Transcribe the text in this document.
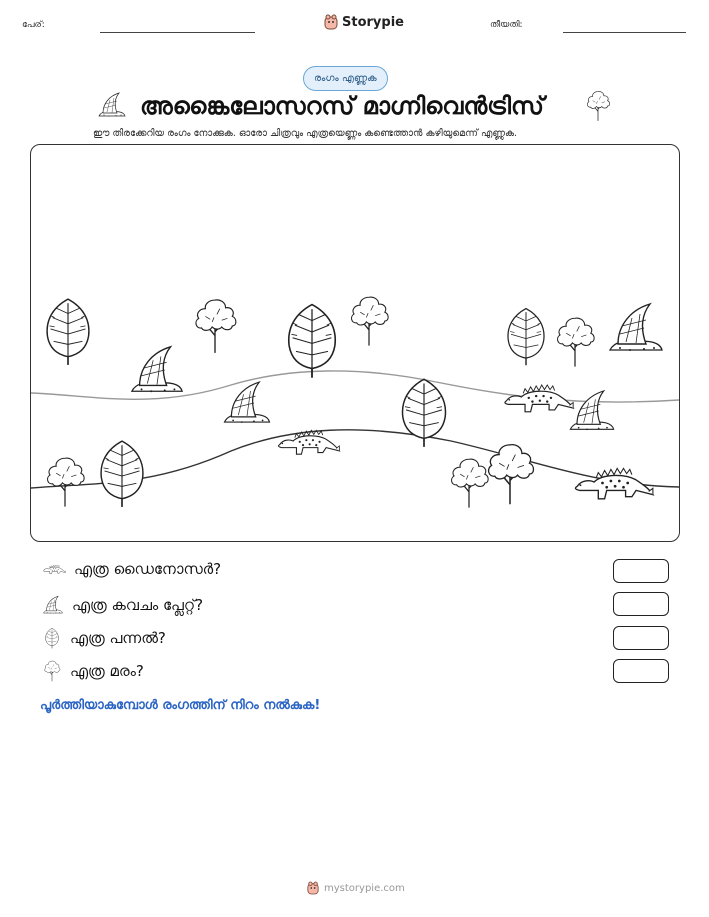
പേര്:	Storypie	തീയതി:
രംഗം എണ്ണുക
അങ്കൈലോസറസ് മാഗ്നിവെൻട്രിസ്
ഈ തിരക്കേറിയ രംഗം നോക്കുക. ഓരോ ചിത്രവും എത്രയെണ്ണം കണ്ടെത്താൻ കഴിയുമെന്ന് എണ്ണുക.
എത്ര ഡൈനോസർ?
എത്ര കവചം പ്ലേറ്റ്?
എത്ര പന്നൽ?
എത്ര മരം?
പൂർത്തിയാകുമ്പോൾ രംഗത്തിന് നിറം നൽകുക!
mystorypie.com
